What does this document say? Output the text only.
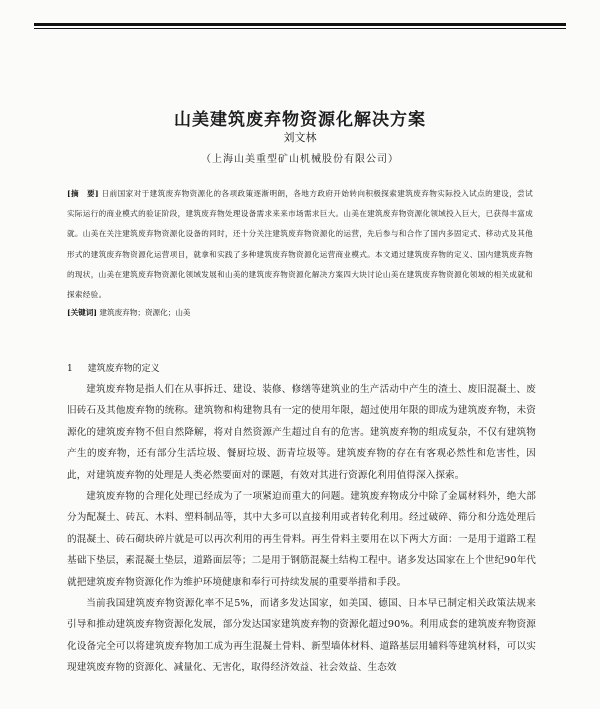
山美建筑废弃物资源化解决方案
刘文林
（上海山美重型矿山机械股份有限公司）
[摘　要] 日前国家对于建筑废弃物资源化的各项政策逐渐明朗，各地方政府开始转向积极探索建筑废弃物实际投入试点的建设，尝试实际运行的商业模式的验证阶段，建筑废弃物处理设备需求来来市场需求巨大。山美在建筑废弃物资源化领域投入巨大，已获得丰富成就。山美在关注建筑废弃物资源化设备的同时，还十分关注建筑废弃物资源化的运营，先后参与和合作了国内多固定式、移动式及其他形式的建筑废弃物资源化运营项目，就拿和实践了多种建筑废弃物资源化运营商业模式。本文通过建筑废弃物的定义、国内建筑废弃物的现状，山美在建筑废弃物资源化领域发展和山美的建筑废弃物资源化解决方案四大块讨论山美在建筑废弃物资源化领域的相关成就和探索经验。
[关键词] 建筑废弃物；资源化；山美
1 建筑废弃物的定义

建筑废弃物是指人们在从事拆迁、建设、装修、修缮等建筑业的生产活动中产生的渣土、废旧混凝土、废旧砖石及其他废弃物的统称。建筑物和构建物具有一定的使用年限，超过使用年限的即成为建筑废弃物，未资源化的建筑废弃物不但自然降解，将对自然资源产生超过自有的危害。建筑废弃物的组成复杂，不仅有建筑物产生的废弃物，还有部分生活垃圾、餐厨垃圾、沥青垃圾等。建筑废弃物的存在有客观必然性和危害性，因此，对建筑废弃物的处理是人类必然要面对的课题，有效对其进行资源化利用值得深入探索。

建筑废弃物的合理化处理已经成为了一项紧迫而重大的问题。建筑废弃物成分中除了金属材料外，绝大部分为配凝土、砖瓦、木料、塑料制品等，其中大多可以直接利用或者转化利用。经过破碎、筛分和分选处理后的混凝土、砖石砌块碎片就是可以再次利用的再生骨料。再生骨料主要用在以下两大方面：一是用于道路工程基础下垫层，素混凝土垫层，道路面层等；二是用于钢筋混凝土结构工程中。诸多发达国家在上个世纪90年代就把建筑废弃物资源化作为维护环境健康和奉行可持续发展的重要举措和手段。

当前我国建筑废弃物资源化率不足5%，而诸多发达国家，如美国、德国、日本早已制定相关政策法规来引导和推动建筑废弃物资源化发展，部分发达国家建筑废弃物的资源化超过90%。利用成套的建筑废弃物资源化设备完全可以将建筑废弃物加工成为再生混凝土骨料、新型墙体材料、道路基层用辅料等建筑材料，可以实现建筑废弃物的资源化、减量化、无害化，取得经济效益、社会效益、生态效
